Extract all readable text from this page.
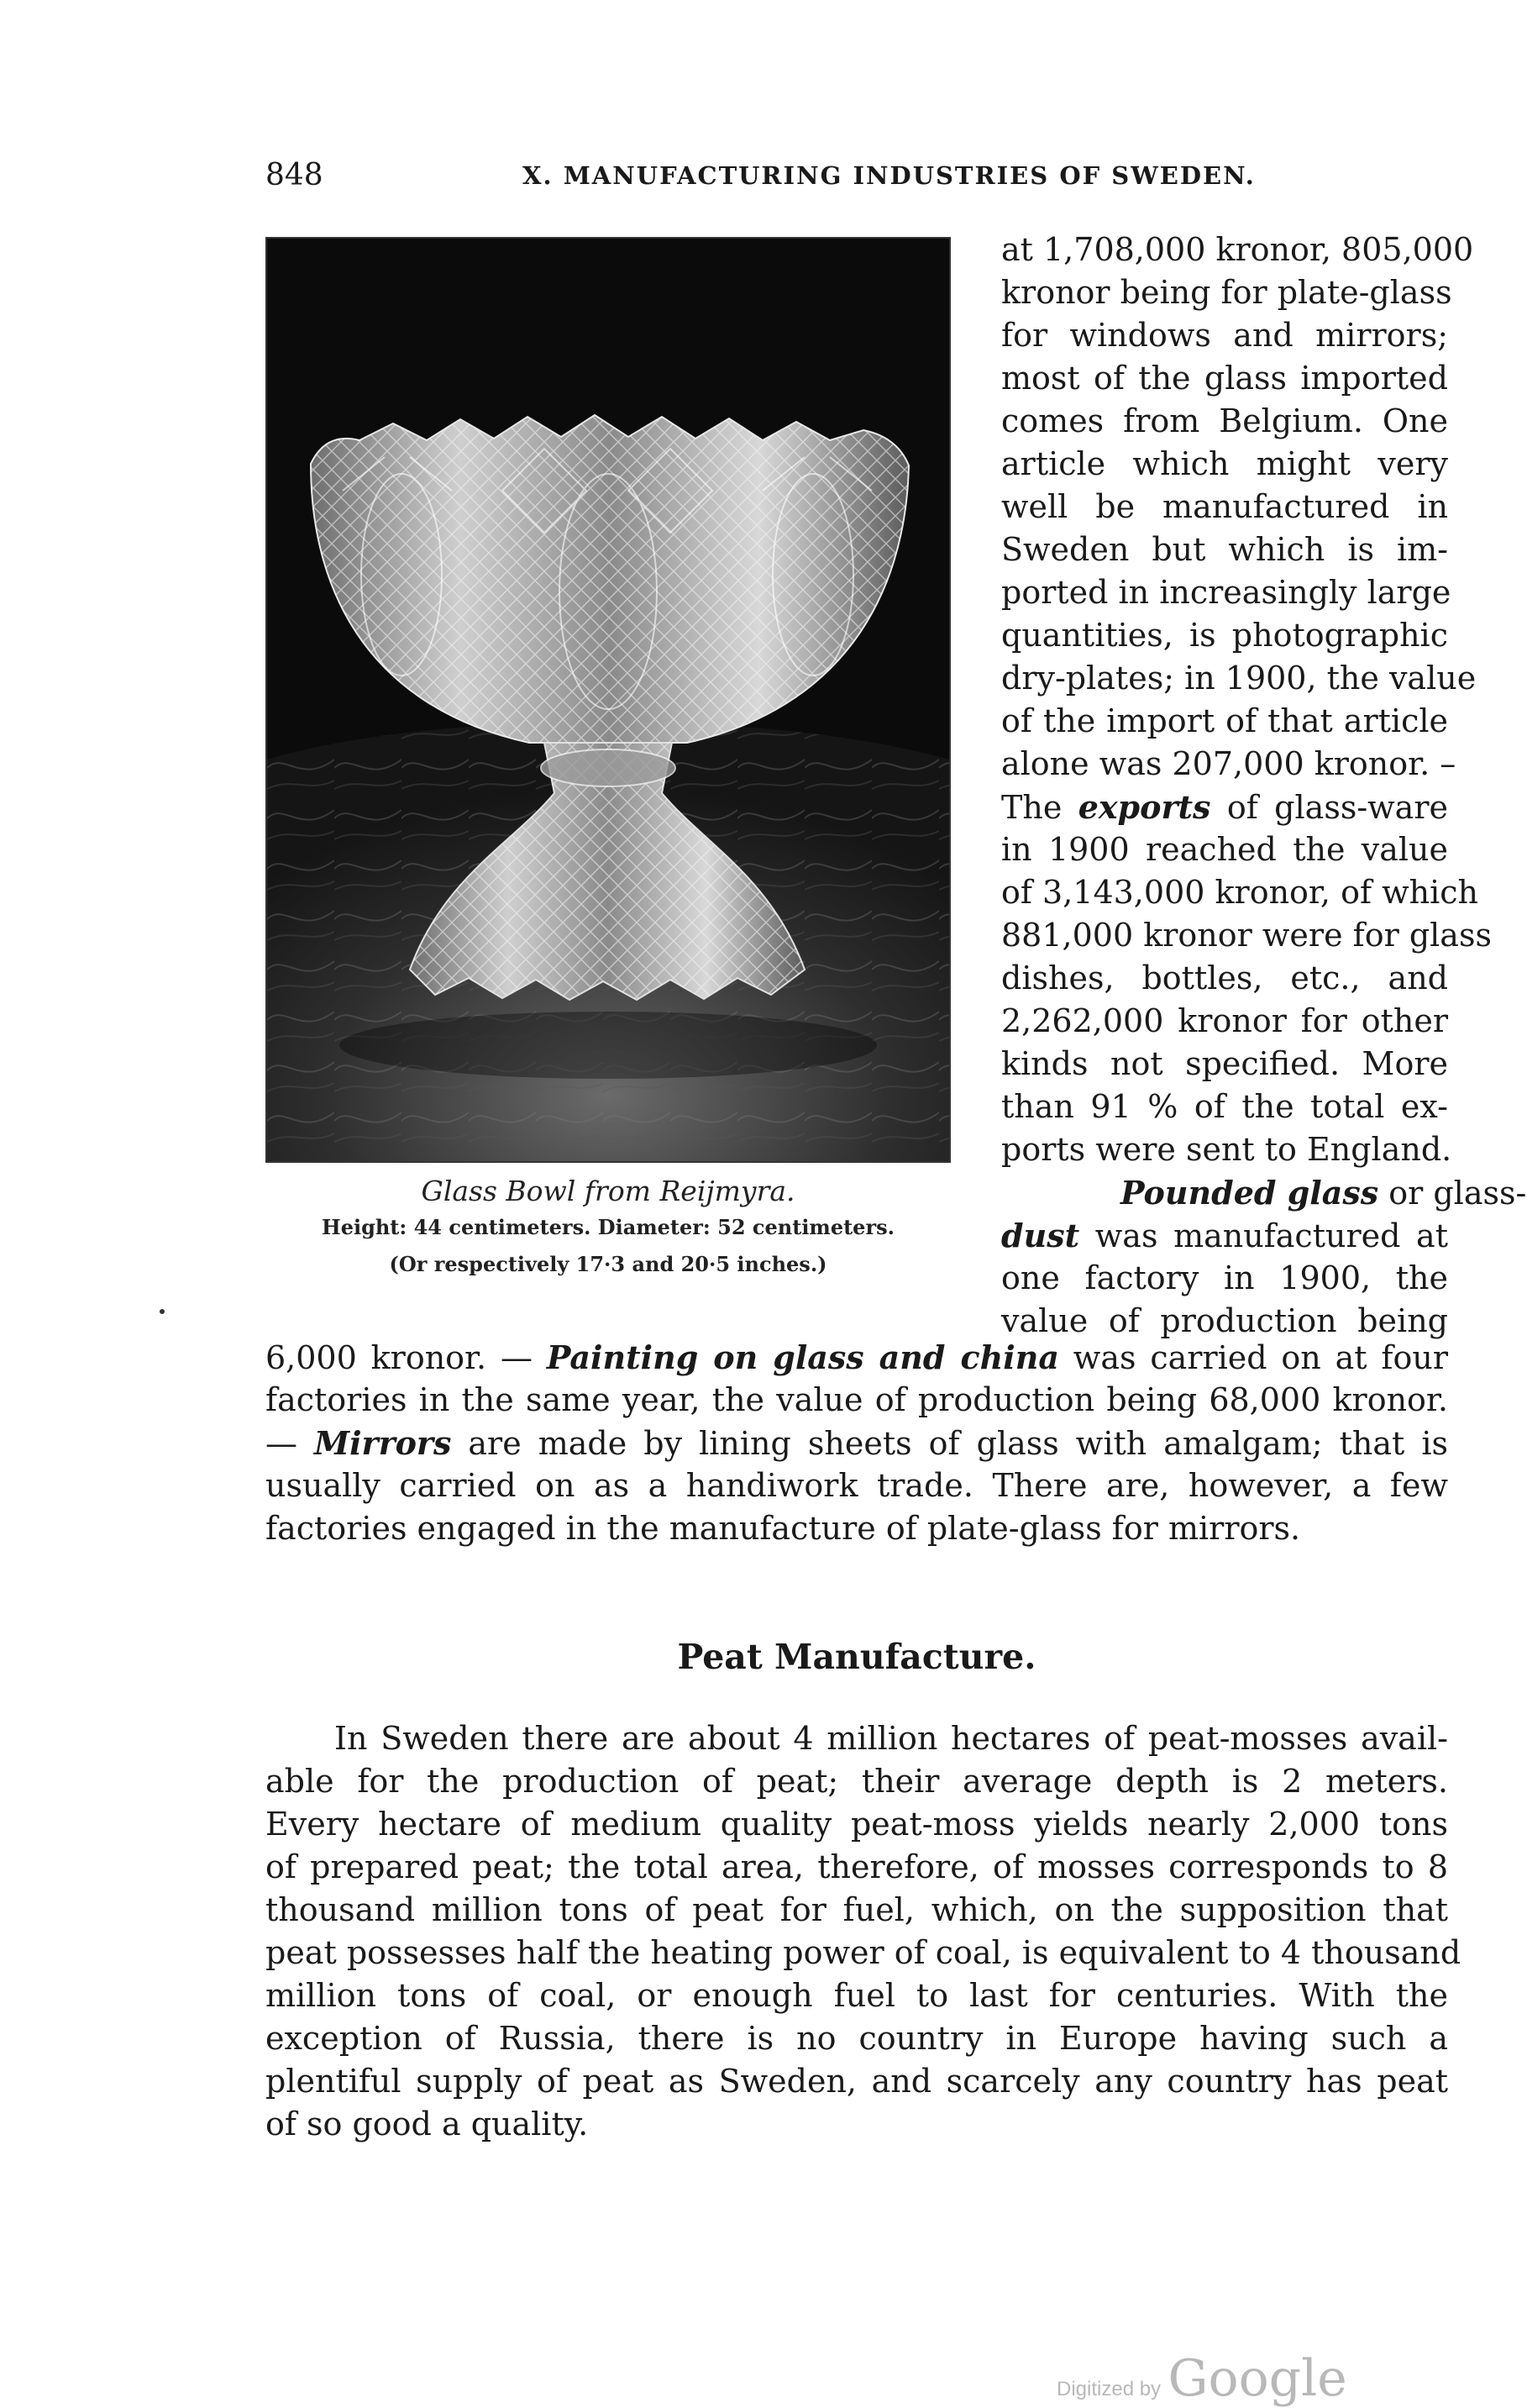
848	X. MANUFACTURING INDUSTRIES OF SWEDEN.
Glass Bowl from Reijmyra.
Height: 44 centimeters. Diameter: 52 centimeters.
(Or respectively 17·3 and 20·5 inches.)
at 1,708,000 kronor, 805,000
kronor being for plate-glass
for windows and mirrors;
most of the glass imported
comes from Belgium. One
article which might very
well be manufactured in
Sweden but which is im-
ported in increasingly large
quantities, is photographic
dry-plates; in 1900, the value
of the import of that article
alone was 207,000 kronor. –
The exports of glass-ware
in 1900 reached the value
of 3,143,000 kronor, of which
881,000 kronor were for glass
dishes, bottles, etc., and
2,262,000 kronor for other
kinds not specified. More
than 91 % of the total ex-
ports were sent to England.
Pounded glass or glass-
dust was manufactured at
one factory in 1900, the
value of production being
6,000 kronor. — Painting on glass and china was carried on at four
factories in the same year, the value of production being 68,000 kronor.
— Mirrors are made by lining sheets of glass with amalgam; that is
usually carried on as a handiwork trade. There are, however, a few
factories engaged in the manufacture of plate-glass for mirrors.
Peat Manufacture.
In Sweden there are about 4 million hectares of peat-mosses avail-
able for the production of peat; their average depth is 2 meters.
Every hectare of medium quality peat-moss yields nearly 2,000 tons
of prepared peat; the total area, therefore, of mosses corresponds to 8
thousand million tons of peat for fuel, which, on the supposition that
peat possesses half the heating power of coal, is equivalent to 4 thousand
million tons of coal, or enough fuel to last for centuries. With the
exception of Russia, there is no country in Europe having such a
plentiful supply of peat as Sweden, and scarcely any country has peat
of so good a quality.
Digitized by Google
